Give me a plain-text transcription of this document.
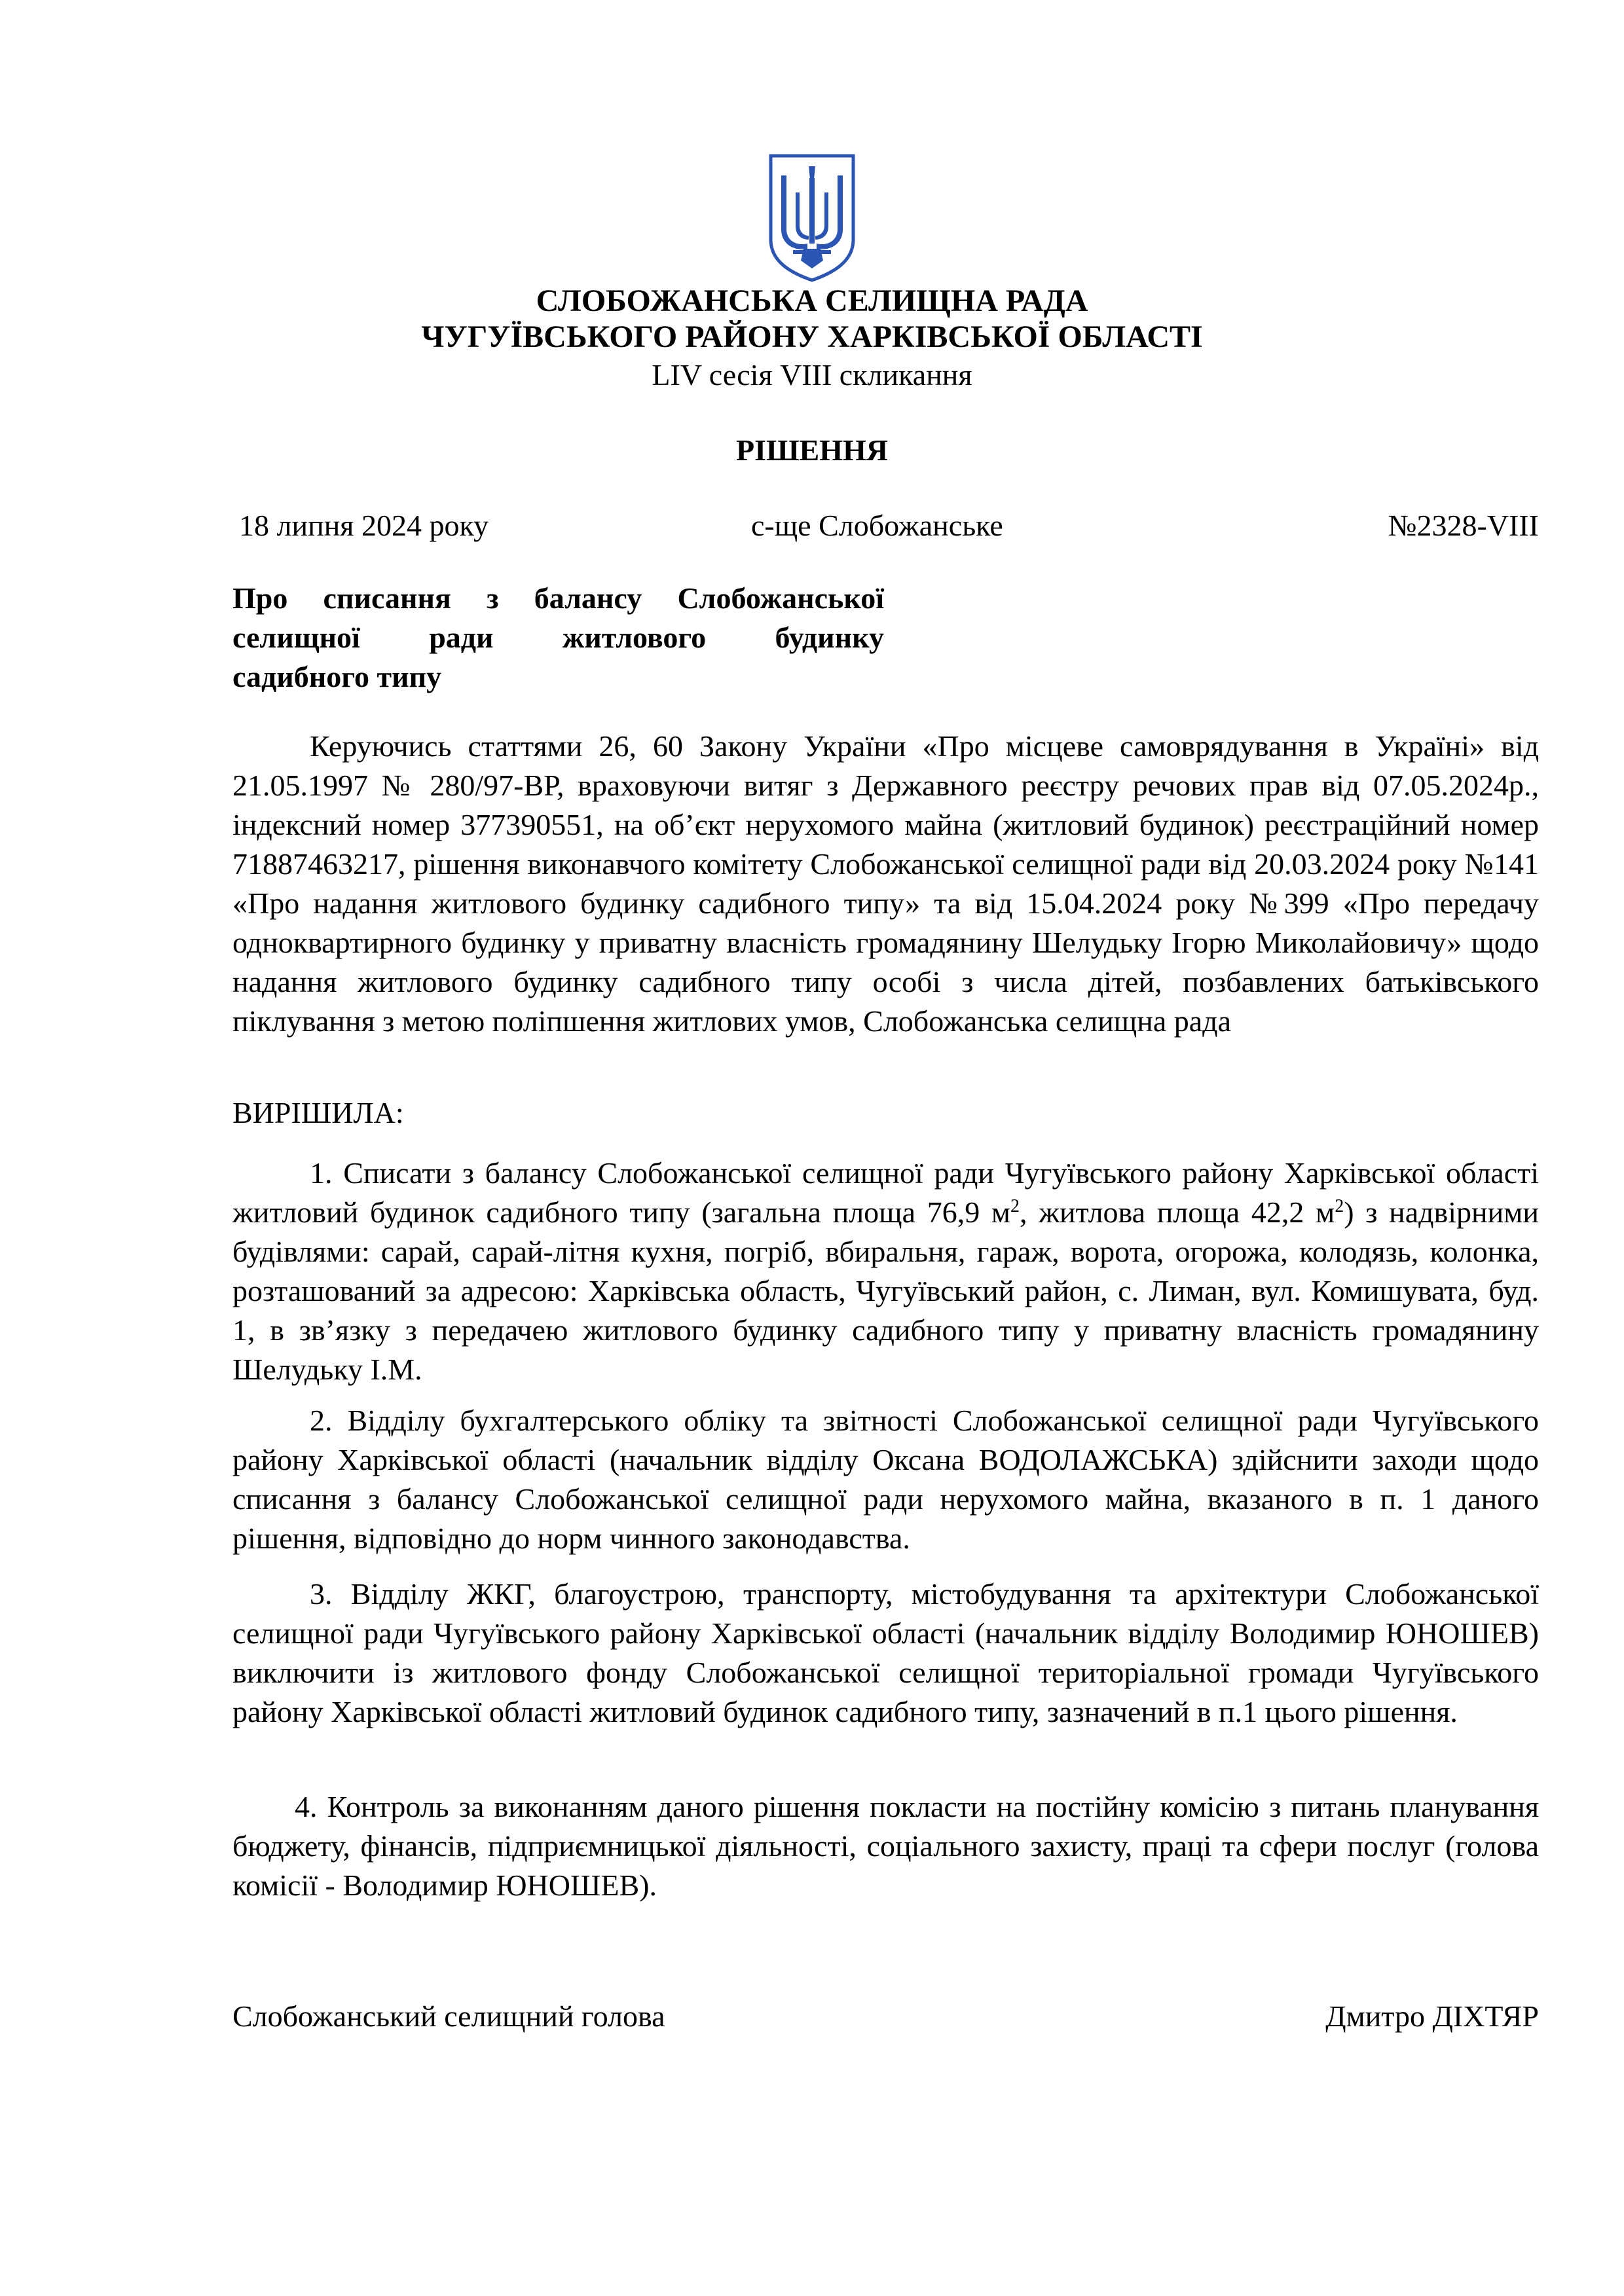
СЛОБОЖАНСЬКА СЕЛИЩНА РАДА
ЧУГУЇВСЬКОГО РАЙОНУ ХАРКІВСЬКОЇ ОБЛАСТІ
LIV сесія VIII скликання
РІШЕННЯ
18 липня 2024 року	с-ще Слобожанське	№2328-VIII
Про списання з балансу Слобожанської
селищної ради житлового будинку
садибного типу
Керуючись статтями 26, 60 Закону України «Про місцеве самоврядування в Україні» від 21.05.1997 № 280/97-ВР, враховуючи витяг з Державного реєстру речових прав від 07.05.2024р., індексний номер 377390551, на об’єкт нерухомого майна (житловий будинок) реєстраційний номер 71887463217, рішення виконавчого комітету Слобожанської селищної ради від 20.03.2024 року №141 «Про надання житлового будинку садибного типу» та від 15.04.2024 року №399 «Про передачу одноквартирного будинку у приватну власність громадянину Шелудьку Ігорю Миколайовичу» щодо надання житлового будинку садибного типу особі з числа дітей, позбавлених батьківського піклування з метою поліпшення житлових умов, Слобожанська селищна рада
ВИРІШИЛА:
1. Списати з балансу Слобожанської селищної ради Чугуївського району Харківської області житловий будинок садибного типу (загальна площа 76,9 $м^2$, житлова площа 42,2 $м^2$) з надвірними будівлями: сарай, сарай-літня кухня, погріб, вбиральня, гараж, ворота, огорожа, колодязь, колонка, розташований за адресою: Харківська область, Чугуївський район, с. Лиман, вул. Комишувата, буд. 1, в зв’язку з передачею житлового будинку садибного типу у приватну власність громадянину Шелудьку І.М.
2. Відділу бухгалтерського обліку та звітності Слобожанської селищної ради Чугуївського району Харківської області (начальник відділу Оксана ВОДОЛАЖСЬКА) здійснити заходи щодо списання з балансу Слобожанської селищної ради нерухомого майна, вказаного в п. 1 даного рішення, відповідно до норм чинного законодавства.
3. Відділу ЖКГ, благоустрою, транспорту, містобудування та архітектури Слобожанської селищної ради Чугуївського району Харківської області (начальник відділу Володимир ЮНОШЕВ) виключити із житлового фонду Слобожанської селищної територіальної громади Чугуївського району Харківської області житловий будинок садибного типу, зазначений в п.1 цього рішення.
4. Контроль за виконанням даного рішення покласти на постійну комісію з питань планування бюджету, фінансів, підприємницької діяльності, соціального захисту, праці та сфери послуг (голова комісії - Володимир ЮНОШЕВ).
Слобожанський селищний голова	Дмитро ДІХТЯР
